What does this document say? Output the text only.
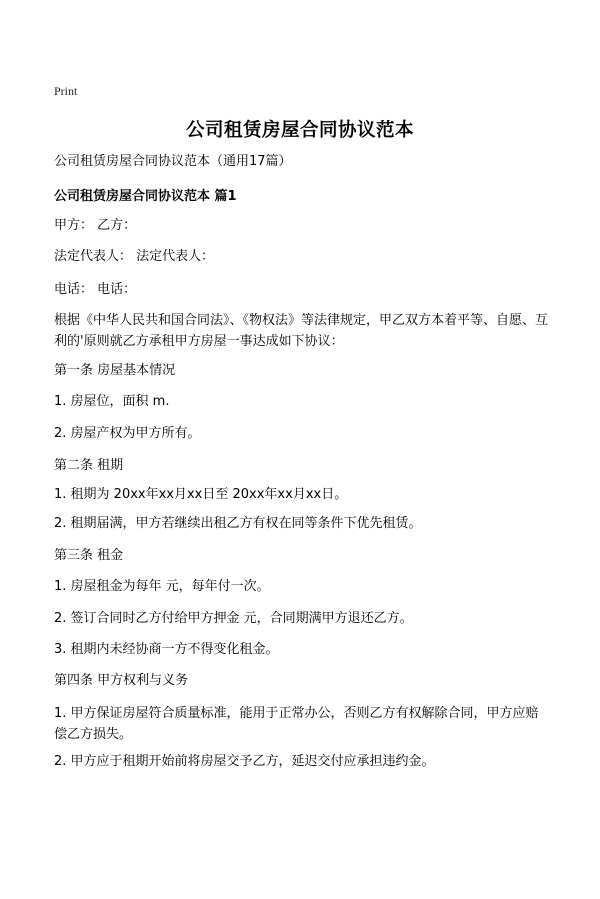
Print
公司租赁房屋合同协议范本

公司租赁房屋合同协议范本（通用17篇）

公司租赁房屋合同协议范本 篇1

甲方： 乙方：

法定代表人： 法定代表人：

电话： 电话：

根据《中华人民共和国合同法》、《物权法》等法律规定，甲乙双方本着平等、自愿、互利的'原则就乙方承租甲方房屋一事达成如下协议：

第一条 房屋基本情况

1. 房屋位，面积 m.

2. 房屋产权为甲方所有。

第二条 租期

1. 租期为 20xx年xx月xx日至 20xx年xx月xx日。

2. 租期届满，甲方若继续出租乙方有权在同等条件下优先租赁。

第三条 租金

1. 房屋租金为每年 元，每年付一次。

2. 签订合同时乙方付给甲方押金 元，合同期满甲方退还乙方。

3. 租期内未经协商一方不得变化租金。

第四条 甲方权利与义务

1. 甲方保证房屋符合质量标准，能用于正常办公，否则乙方有权解除合同，甲方应赔偿乙方损失。

2. 甲方应于租期开始前将房屋交予乙方，延迟交付应承担违约金。
